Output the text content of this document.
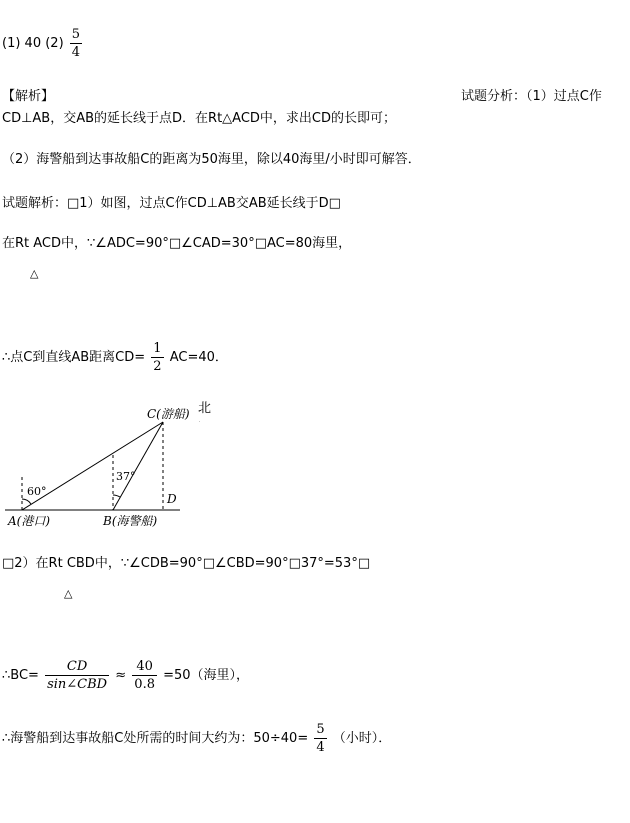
(1) 40 $(2) \frac{5}{4}$
【解析】	试题分析：（1）过点C作
CD⊥AB，交AB的延长线于点D．在Rt△ACD中，求出CD的长即可；
（2）海警船到达事故船C的距离为50海里，除以40海里/小时即可解答．
试题解析：□1）如图，过点C作CD⊥AB交AB延长线于D□
在Rt ACD中，∵∠ADC=90°□∠CAD=30°□AC=80海里，
△
∴点C到直线AB距离$CD= \frac{1}{2} AC=40$．
C(游船)
37°
60°
D
A(港口)	B(海警船)
北
□2）在Rt CBD中，∵∠CDB=90°□∠CBD=90°□37°=53°□
△
∴BC= $\frac{CD}{\text{sin∠CBD}} \approx \frac{40}{0.8} =50$（海里），
∴海警船到达事故船C处所需的时间大约为：$50\div 40= \frac{5}{4}$ （小时）．
